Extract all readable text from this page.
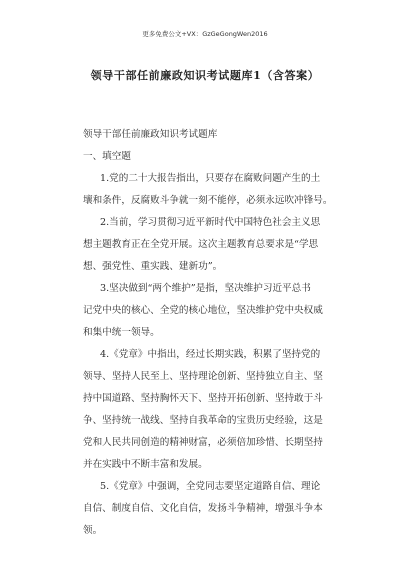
更多免费公文+VX：GzGeGongWen2016
领导干部任前廉政知识考试题库1（含答案）
领导干部任前廉政知识考试题库
一、填空题
1.党的二十大报告指出，只要存在腐败问题产生的土
壤和条件，反腐败斗争就一刻不能停，必须永远吹冲锋号。
2.当前，学习贯彻习近平新时代中国特色社会主义思
想主题教育正在全党开展。这次主题教育总要求是“学思
想、强党性、重实践、建新功”。
3.坚决做到“两个维护”是指，坚决维护习近平总书
记党中央的核心、全党的核心地位，坚决维护党中央权威
和集中统一领导。
4.《党章》中指出，经过长期实践，积累了坚持党的
领导、坚持人民至上、坚持理论创新、坚持独立自主、坚
持中国道路、坚持胸怀天下、坚持开拓创新、坚持敢于斗
争、坚持统一战线、坚持自我革命的宝贵历史经验，这是
党和人民共同创造的精神财富，必须倍加珍惜、长期坚持
并在实践中不断丰富和发展。
5.《党章》中强调，全党同志要坚定道路自信、理论
自信、制度自信、文化自信，发扬斗争精神，增强斗争本
领。
